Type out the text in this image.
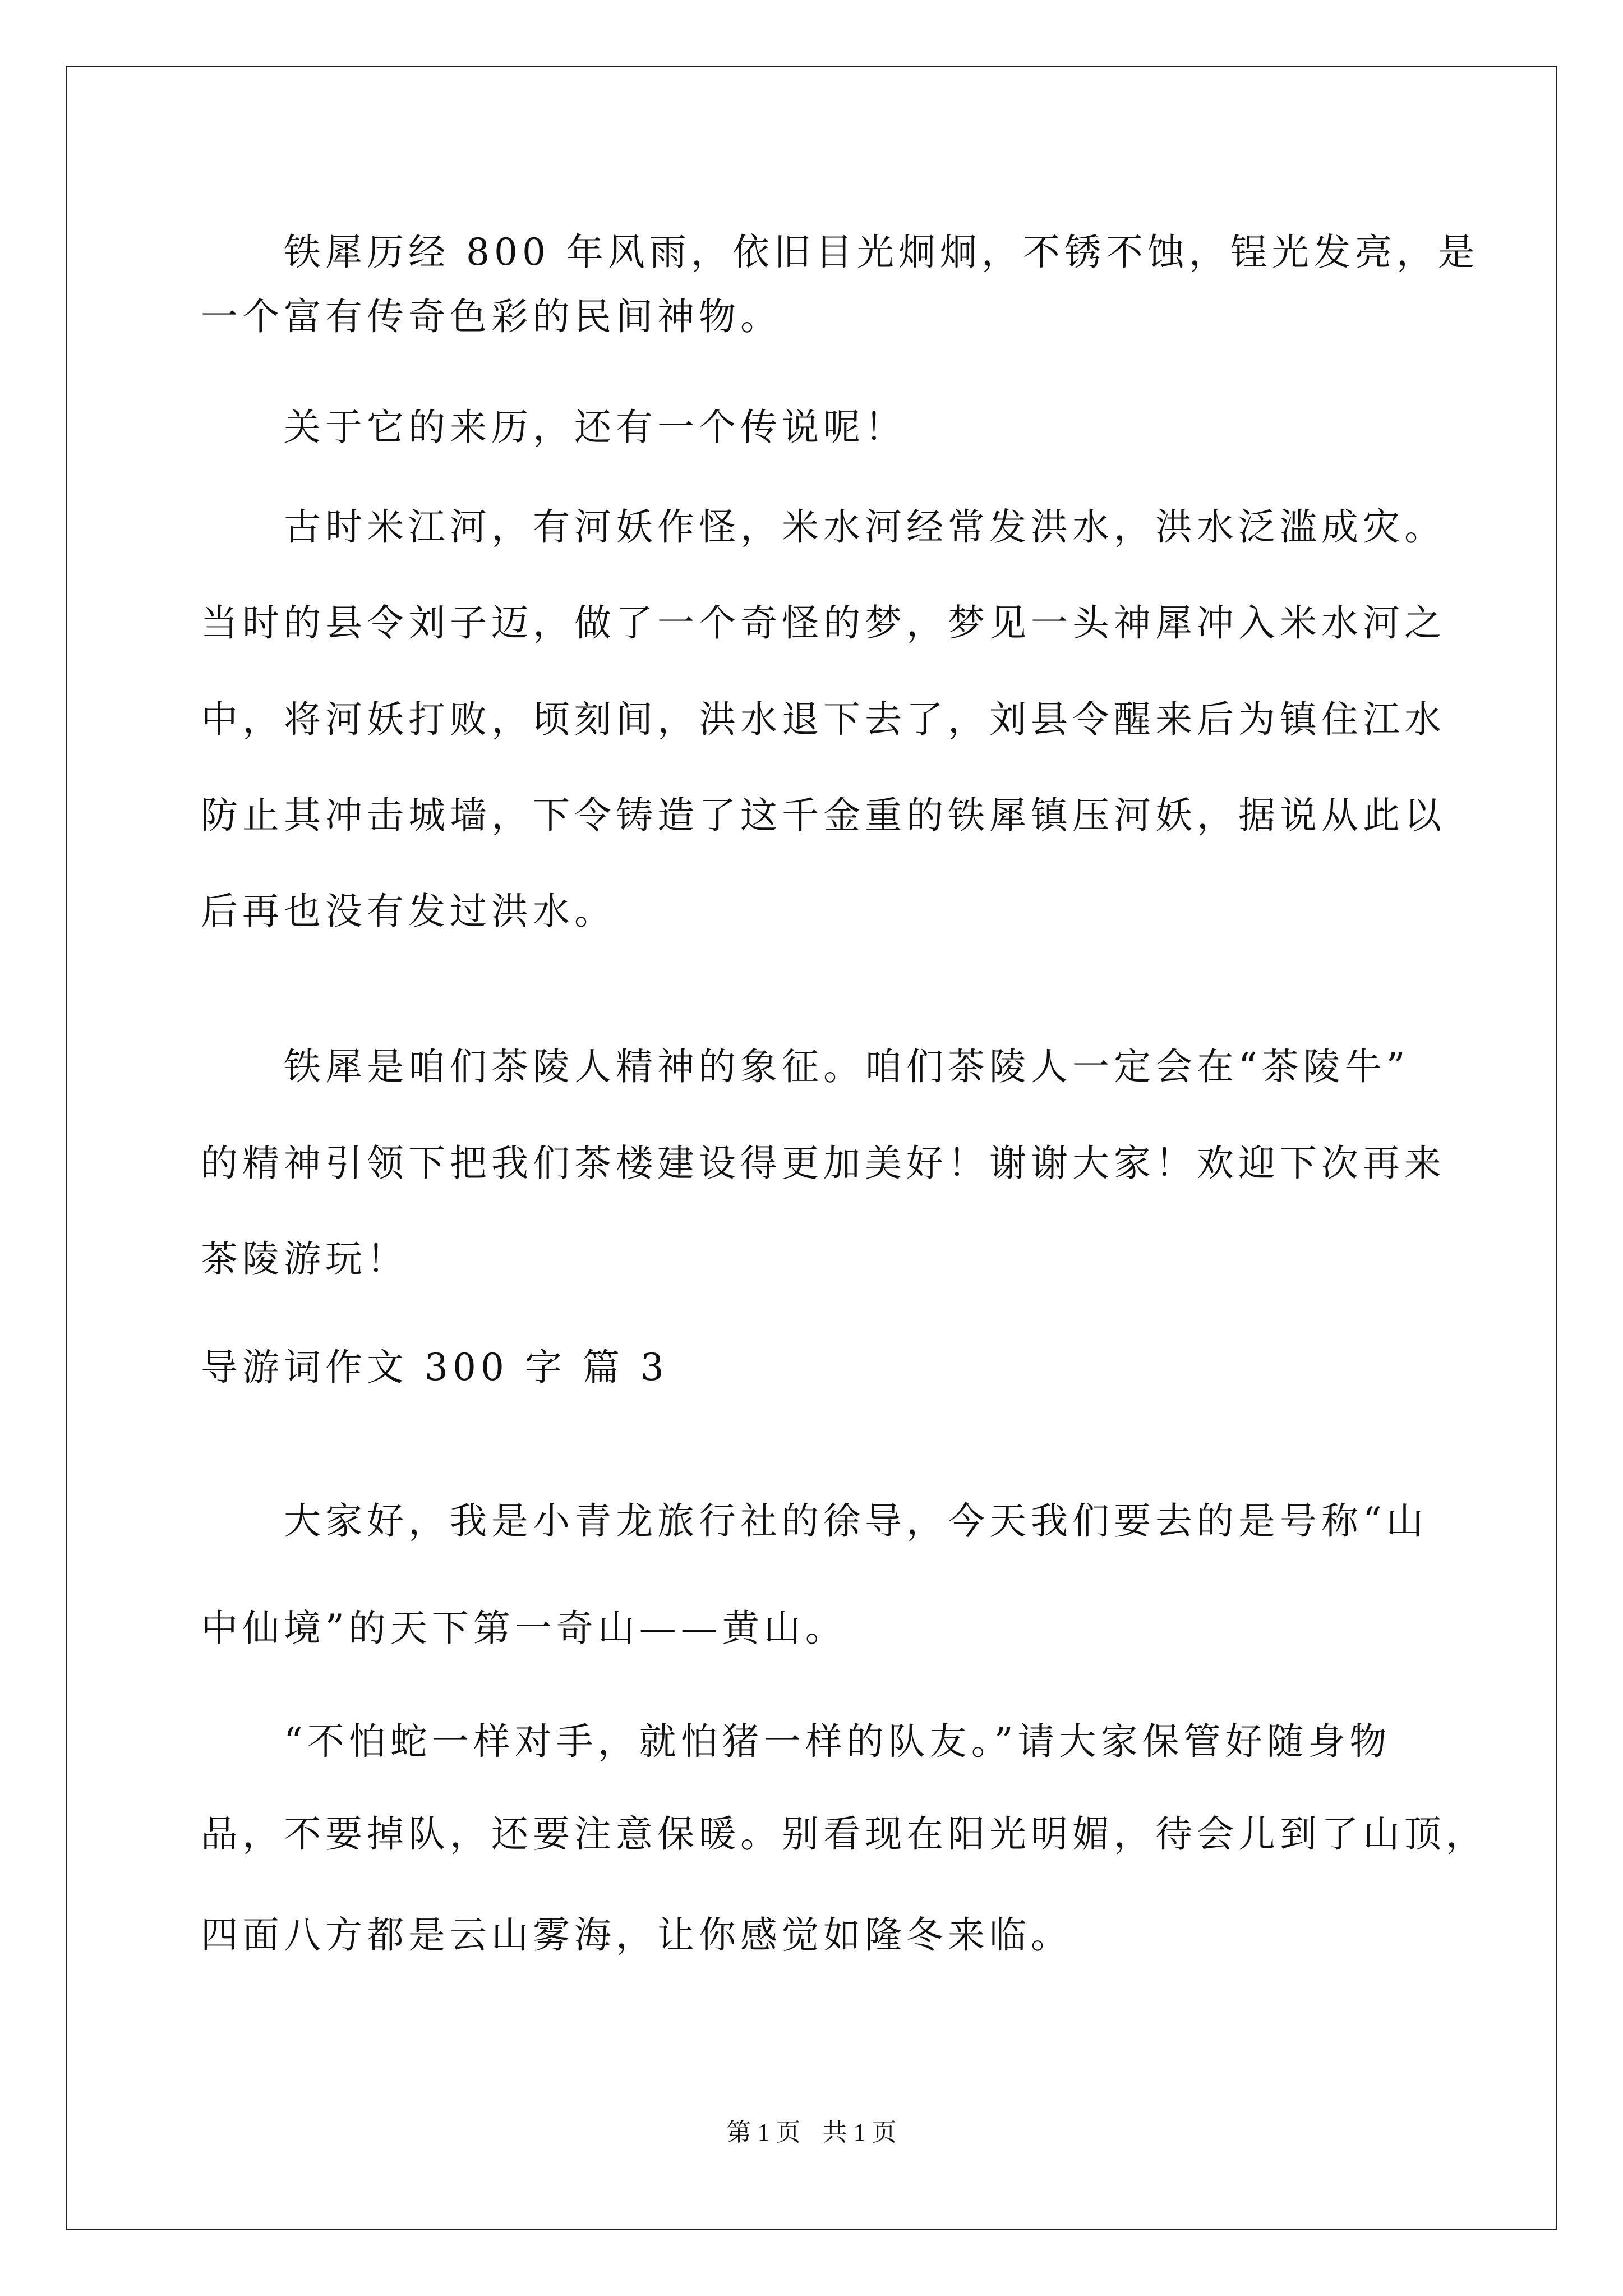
铁犀历经 800 年风雨，依旧目光炯炯，不锈不蚀，锃光发亮，是
一个富有传奇色彩的民间神物。
关于它的来历，还有一个传说呢！
古时米江河，有河妖作怪，米水河经常发洪水，洪水泛滥成灾。
当时的县令刘子迈，做了一个奇怪的梦，梦见一头神犀冲入米水河之
中，将河妖打败，顷刻间，洪水退下去了，刘县令醒来后为镇住江水
防止其冲击城墙，下令铸造了这千金重的铁犀镇压河妖，据说从此以
后再也没有发过洪水。
铁犀是咱们茶陵人精神的象征。咱们茶陵人一定会在“茶陵牛”
的精神引领下把我们茶楼建设得更加美好！谢谢大家！欢迎下次再来
茶陵游玩！
导游词作文 300 字 篇 3
大家好，我是小青龙旅行社的徐导，今天我们要去的是号称“山
中仙境”的天下第一奇山——黄山。
“不怕蛇一样对手，就怕猪一样的队友。”请大家保管好随身物
品，不要掉队，还要注意保暖。别看现在阳光明媚，待会儿到了山顶，
四面八方都是云山雾海，让你感觉如隆冬来临。
第 1 页 共 1 页
